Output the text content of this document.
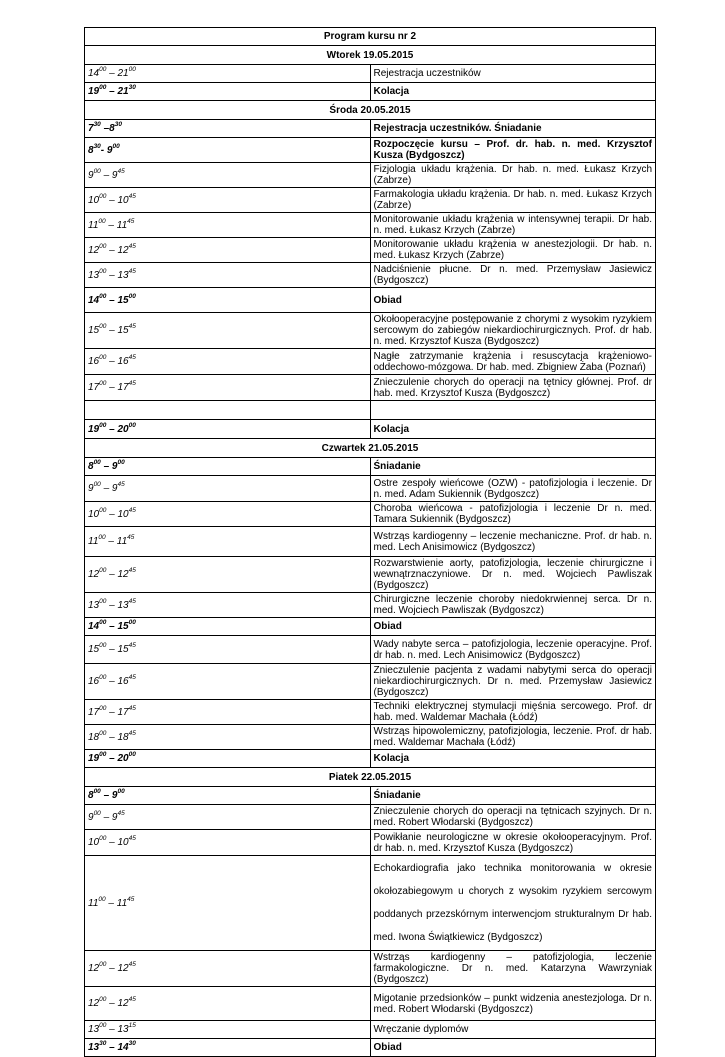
Program kursu nr 2	
Wtorek 19.05.2015	
$14^{00} - 21^{00}$	Rejestracja uczestników
$19^{00} - 21^{30}$	Kolacja
Środa 20.05.2015	
$7^{30}$ $-8^{30}$	Rejestracja uczestników. Śniadanie
$8^{30}-$ $9^{00}$	Rozpoczęcie kursu – Prof. dr. hab. n. med. Krzysztof Kusza (Bydgoszcz)
$9^{00} - 9^{45}$	Fizjologia układu krążenia. Dr hab. n. med. Łukasz Krzych (Zabrze)
$10^{00} - 10^{45}$	Farmakologia układu krążenia. Dr hab. n. med. Łukasz Krzych (Zabrze)
$11^{00} - 11^{45}$	Monitorowanie układu krążenia w intensywnej terapii. Dr hab. n. med. Łukasz Krzych (Zabrze)
$12^{00} - 12^{45}$	Monitorowanie układu krążenia w anestezjologii. Dr hab. n. med. Łukasz Krzych (Zabrze)
$13^{00} - 13^{45}$	Nadciśnienie płucne. Dr n. med. Przemysław Jasiewicz (Bydgoszcz)
$14^{00} - 15^{00}$	Obiad
$15^{00} - 15^{45}$	Okołooperacyjne postępowanie z chorymi z wysokim ryzykiem sercowym do zabiegów niekardiochirurgicznych. Prof. dr hab. n. med. Krzysztof Kusza (Bydgoszcz)
$16^{00} - 16^{45}$	Nagłe zatrzymanie krążenia i resuscytacja krążeniowo-oddechowo-mózgowa. Dr hab. med. Zbigniew Żaba (Poznań)
$17^{00} - 17^{45}$	Znieczulenie chorych do operacji na tętnicy głównej. Prof. dr hab. med. Krzysztof Kusza (Bydgoszcz)

$19^{00} - 20^{00}$	Kolacja
Czwartek 21.05.2015	
$8^{00} - 9^{00}$	Śniadanie
$9^{00} - 9^{45}$	Ostre zespoły wieńcowe (OZW) - patofizjologia i leczenie. Dr n. med. Adam Sukiennik (Bydgoszcz)
$10^{00} - 10^{45}$	Choroba wieńcowa - patofizjologia i leczenie Dr n. med. Tamara Sukiennik (Bydgoszcz)
$11^{00} - 11^{45}$	Wstrząs kardiogenny – leczenie mechaniczne. Prof. dr hab. n. med. Lech Anisimowicz (Bydgoszcz)
$12^{00} - 12^{45}$	Rozwarstwienie aorty, patofizjologia, leczenie chirurgiczne i wewnątrznaczyniowe. Dr n. med. Wojciech Pawliszak (Bydgoszcz)
$13^{00} - 13^{45}$	Chirurgiczne leczenie choroby niedokrwiennej serca. Dr n. med. Wojciech Pawliszak (Bydgoszcz)
$14^{00} - 15^{00}$	Obiad
$15^{00} - 15^{45}$	Wady nabyte serca – patofizjologia, leczenie operacyjne. Prof. dr hab. n. med. Lech Anisimowicz (Bydgoszcz)
$16^{00} - 16^{45}$	Znieczulenie pacjenta z wadami nabytymi serca do operacji niekardiochirurgicznych. Dr n. med. Przemysław Jasiewicz (Bydgoszcz)
$17^{00} - 17^{45}$	Techniki elektrycznej stymulacji mięśnia sercowego. Prof. dr hab. med. Waldemar Machała (Łódź)
$18^{00} - 18^{45}$	Wstrząs hipowolemiczny, patofizjologia, leczenie. Prof. dr hab. med. Waldemar Machała (Łódź)
$19^{00} - 20^{00}$	Kolacja
Piatek 22.05.2015	
$8^{00} - 9^{00}$	Śniadanie
$9^{00} - 9^{45}$	Znieczulenie chorych do operacji na tętnicach szyjnych. Dr n. med. Robert Włodarski (Bydgoszcz)
$10^{00} - 10^{45}$	Powikłanie neurologiczne w okresie okołooperacyjnym. Prof. dr hab. n. med. Krzysztof Kusza (Bydgoszcz)
$11^{00} - 11^{45}$	Echokardiografia jako technika monitorowania w okresie okołozabiegowym u chorych z wysokim ryzykiem sercowym poddanych przezskórnym interwencjom strukturalnym Dr hab. med. Iwona Świątkiewicz (Bydgoszcz)
$12^{00} - 12^{45}$	Wstrząs kardiogenny – patofizjologia, leczenie farmakologiczne. Dr n. med. Katarzyna Wawrzyniak (Bydgoszcz)
$12^{00} - 12^{45}$	Migotanie przedsionków – punkt widzenia anestezjologa. Dr n. med. Robert Włodarski (Bydgoszcz)
$13^{00} - 13^{15}$	Wręczanie dyplomów
$13^{30} - 14^{30}$	Obiad
